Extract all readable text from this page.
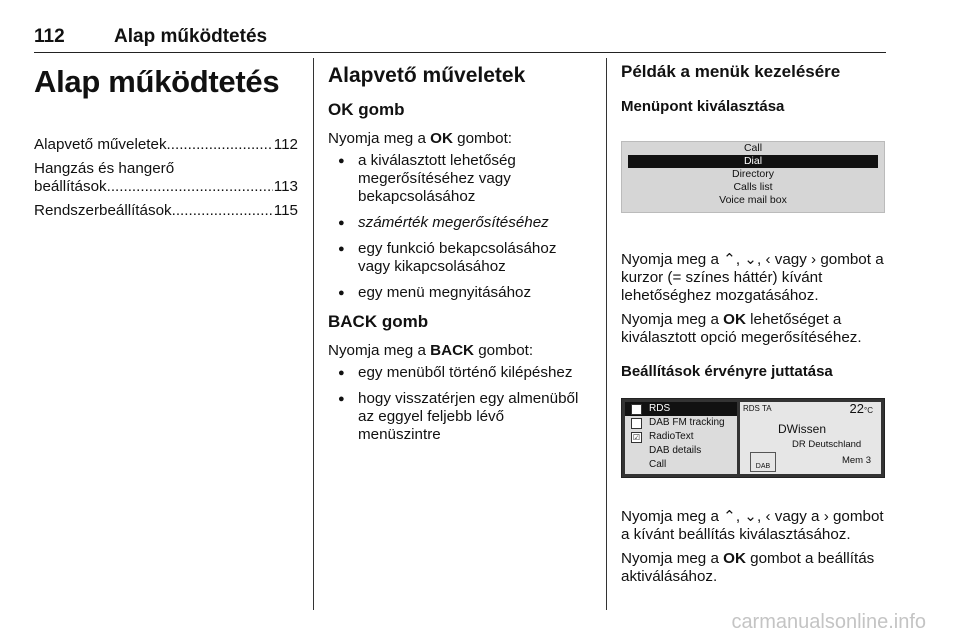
112	Alap működtetés
Alap működtetés
Alapvető műveletek .....	112
Hangzás és hangerő
beállítások .....	113
Rendszerbeállítások .....	115
Alapvető műveletek
OK gomb

Nyomja meg a OK gombot:

● a kiválasztott lehetőség megerősítéséhez vagy bekapcsolásához
● számérték megerősítéséhez
● egy funkció bekapcsolásához vagy kikapcsolásához
● egy menü megnyitásához
BACK gomb

Nyomja meg a BACK gombot:

● egy menüből történő kilépéshez
● hogy visszatérjen egy almenüből az eggyel feljebb lévő menüszintre
Példák a menük kezelésére
Menüpont kiválasztása
Call
Dial
Directory
Calls list
Voice mail box

Nyomja meg a ⌃, ⌄, ‹ vagy › gombot a kurzor (= színes háttér) kívánt lehetőséghez mozgatásához.

Nyomja meg a OK lehetőséget a kiválasztott opció megerősítéséhez.

Beállítások érvényre juttatása
☑ RDS
DAB FM tracking
☑ RadioText
DAB details
Call
RDS TA	22°C
DWissen
DR Deutschland
Mem 3
DAB

Nyomja meg a ⌃, ⌄, ‹ vagy a › gombot a kívánt beállítás kiválasztásához.

Nyomja meg a OK gombot a beállítás aktiválásához.

carmanualsonline.info
